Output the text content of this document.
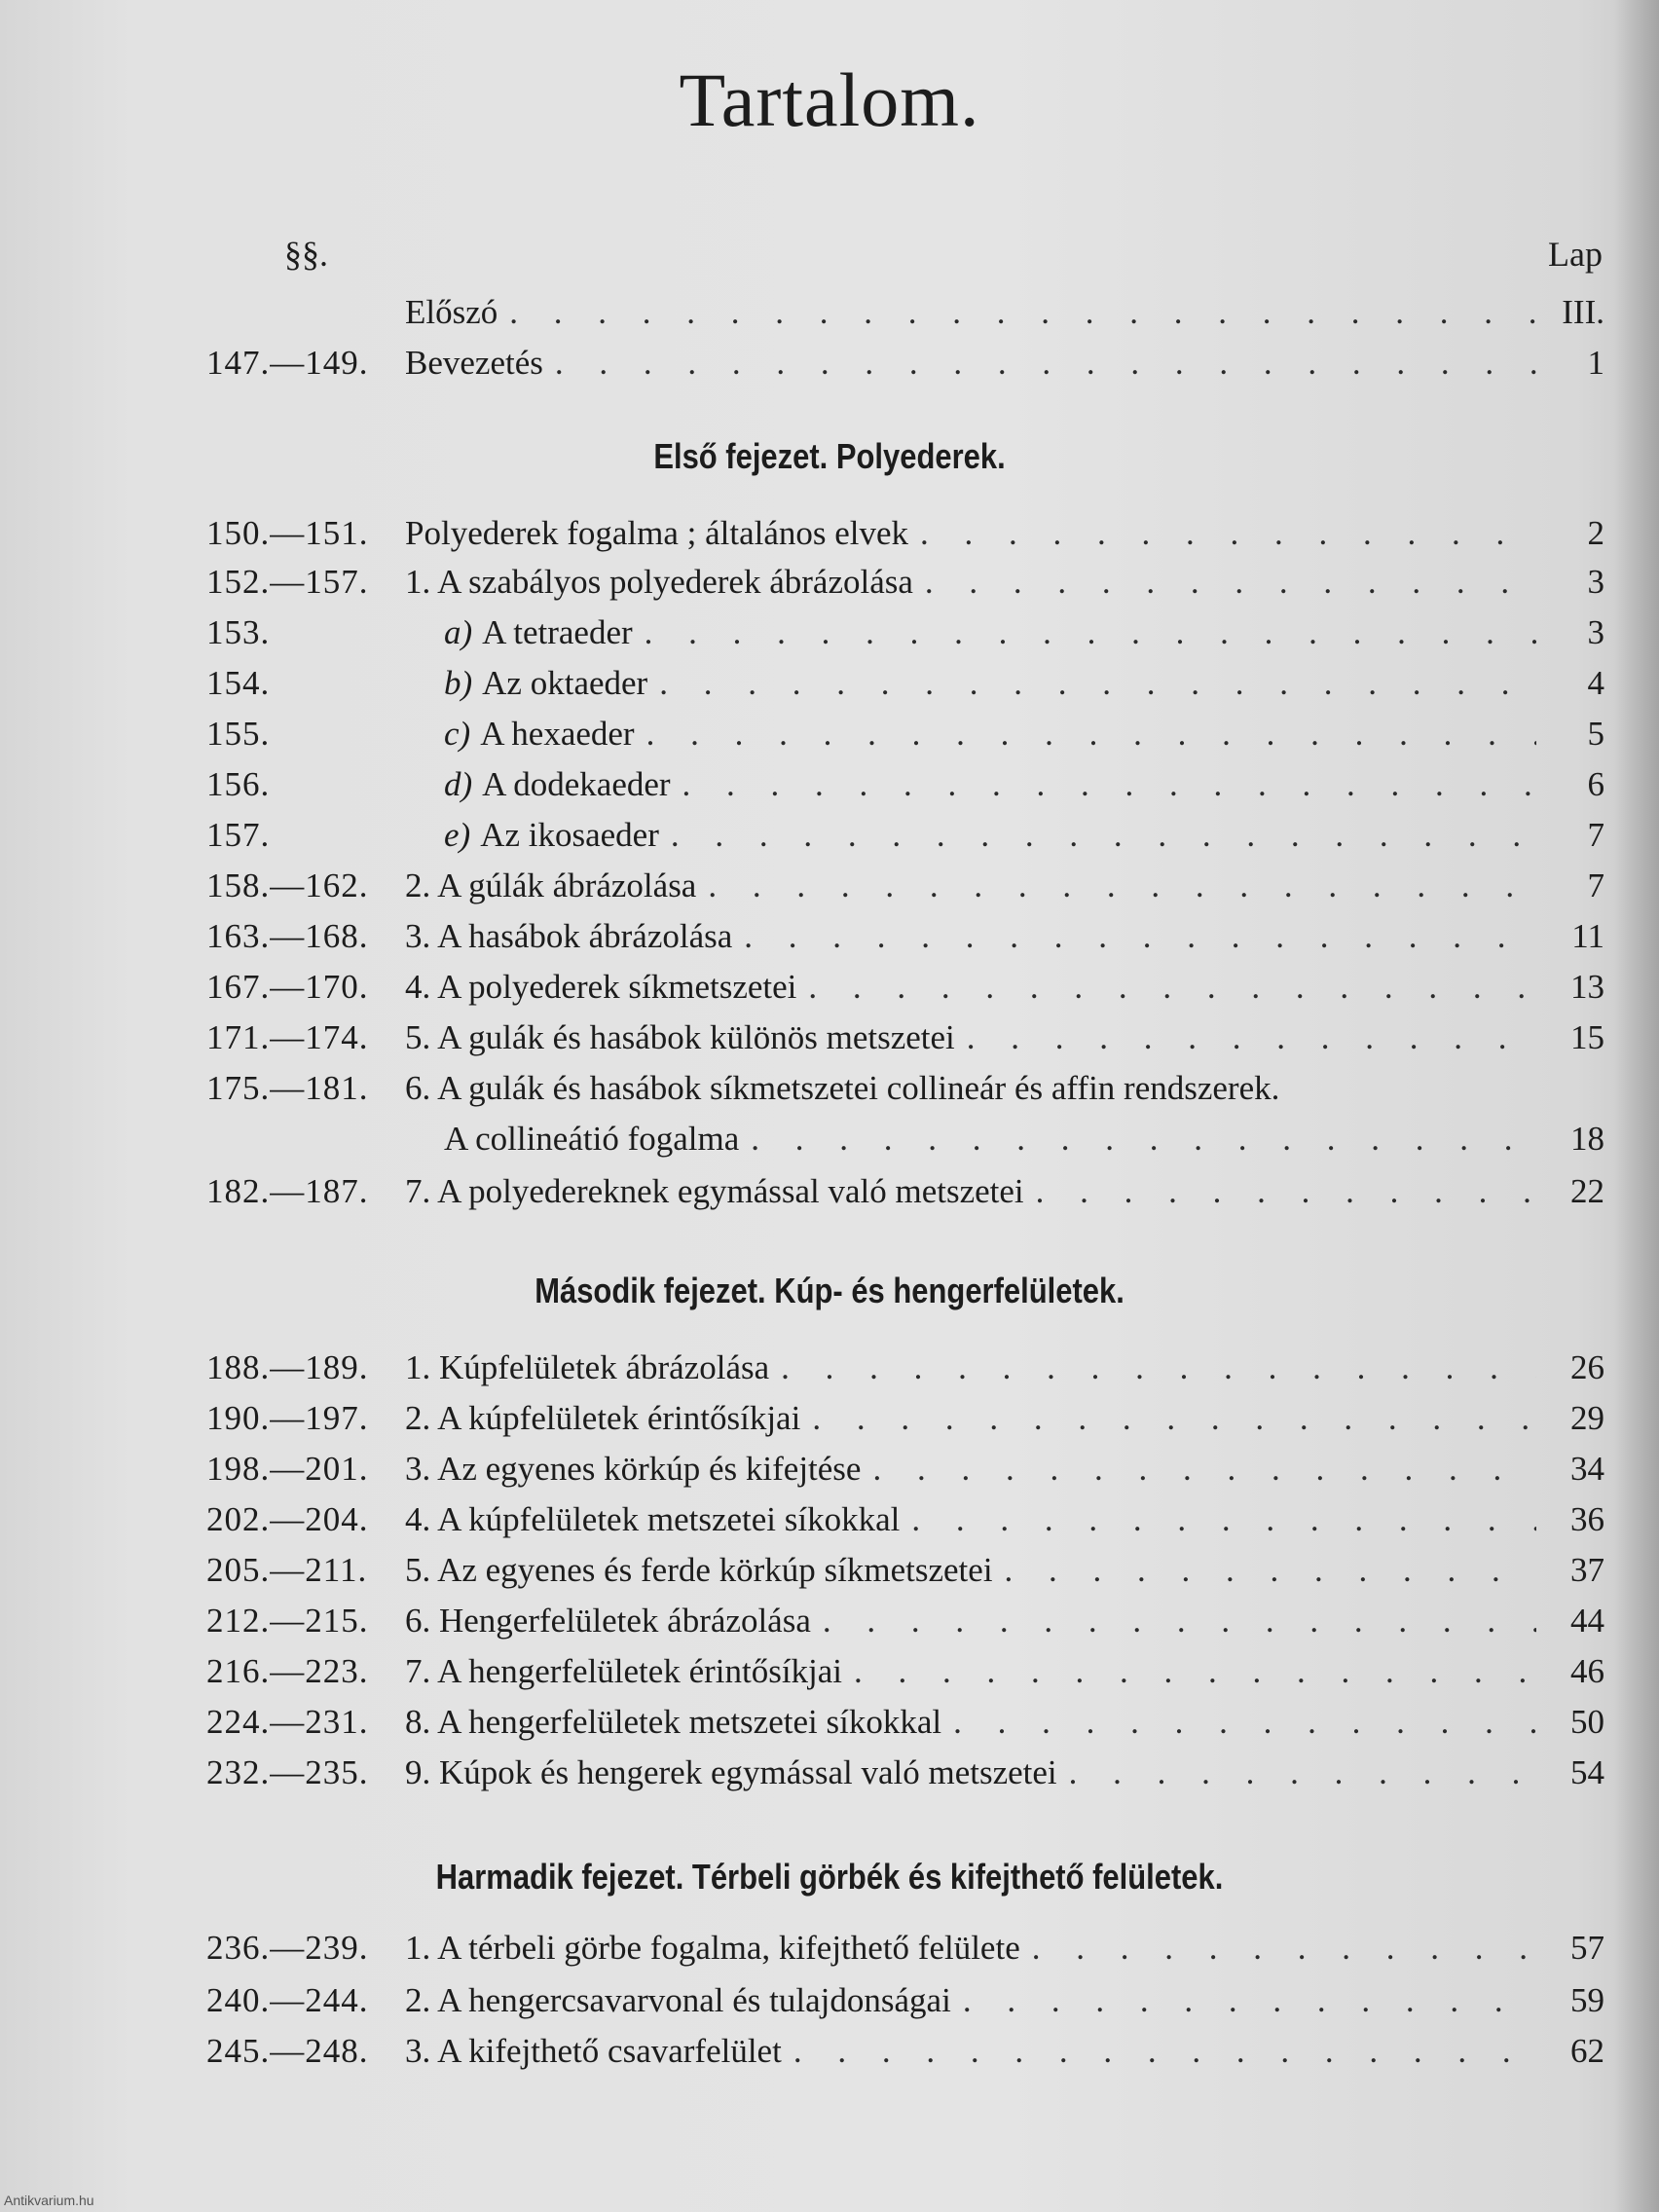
Tartalom.
§§.	Lap
Előszó . . .	III.
147.—149.	Bevezetés . . .	1
Első fejezet. Polyederek.
150.—151.	Polyederek fogalma ; általános elvek . . .	2
152.—157.	1. A szabályos polyederek ábrázolása . . .	3
153.	a) A tetraeder . . .	3
154.	b) Az oktaeder . . .	4
155.	c) A hexaeder . . .	5
156.	d) A dodekaeder . . .	6
157.	e) Az ikosaeder . . .	7
158.—162.	2. A gúlák ábrázolása . . .	7
163.—168.	3. A hasábok ábrázolása . . .	11
167.—170.	4. A polyederek síkmetszetei . . .	13
171.—174.	5. A gulák és hasábok különös metszetei . . .	15
175.—181.	6. A gulák és hasábok síkmetszetei collineár és affin rendszerek.
A collineátió fogalma . . .	18
182.—187.	7. A polyedereknek egymással való metszetei . . .	22
Második fejezet. Kúp- és hengerfelületek.
188.—189.	1. Kúpfelületek ábrázolása . . .	26
190.—197.	2. A kúpfelületek érintősíkjai . . .	29
198.—201.	3. Az egyenes körkúp és kifejtése . . .	34
202.—204.	4. A kúpfelületek metszetei síkokkal . . .	36
205.—211.	5. Az egyenes és ferde körkúp síkmetszetei . . .	37
212.—215.	6. Hengerfelületek ábrázolása . . .	44
216.—223.	7. A hengerfelületek érintősíkjai . . .	46
224.—231.	8. A hengerfelületek metszetei síkokkal . . .	50
232.—235.	9. Kúpok és hengerek egymással való metszetei . . .	54
Harmadik fejezet. Térbeli görbék és kifejthető felületek.
236.—239.	1. A térbeli görbe fogalma, kifejthető felülete . . .	57
240.—244.	2. A hengercsavarvonal és tulajdonságai . . .	59
245.—248.	3. A kifejthető csavarfelület . . .	62
Antikvarium.hu
